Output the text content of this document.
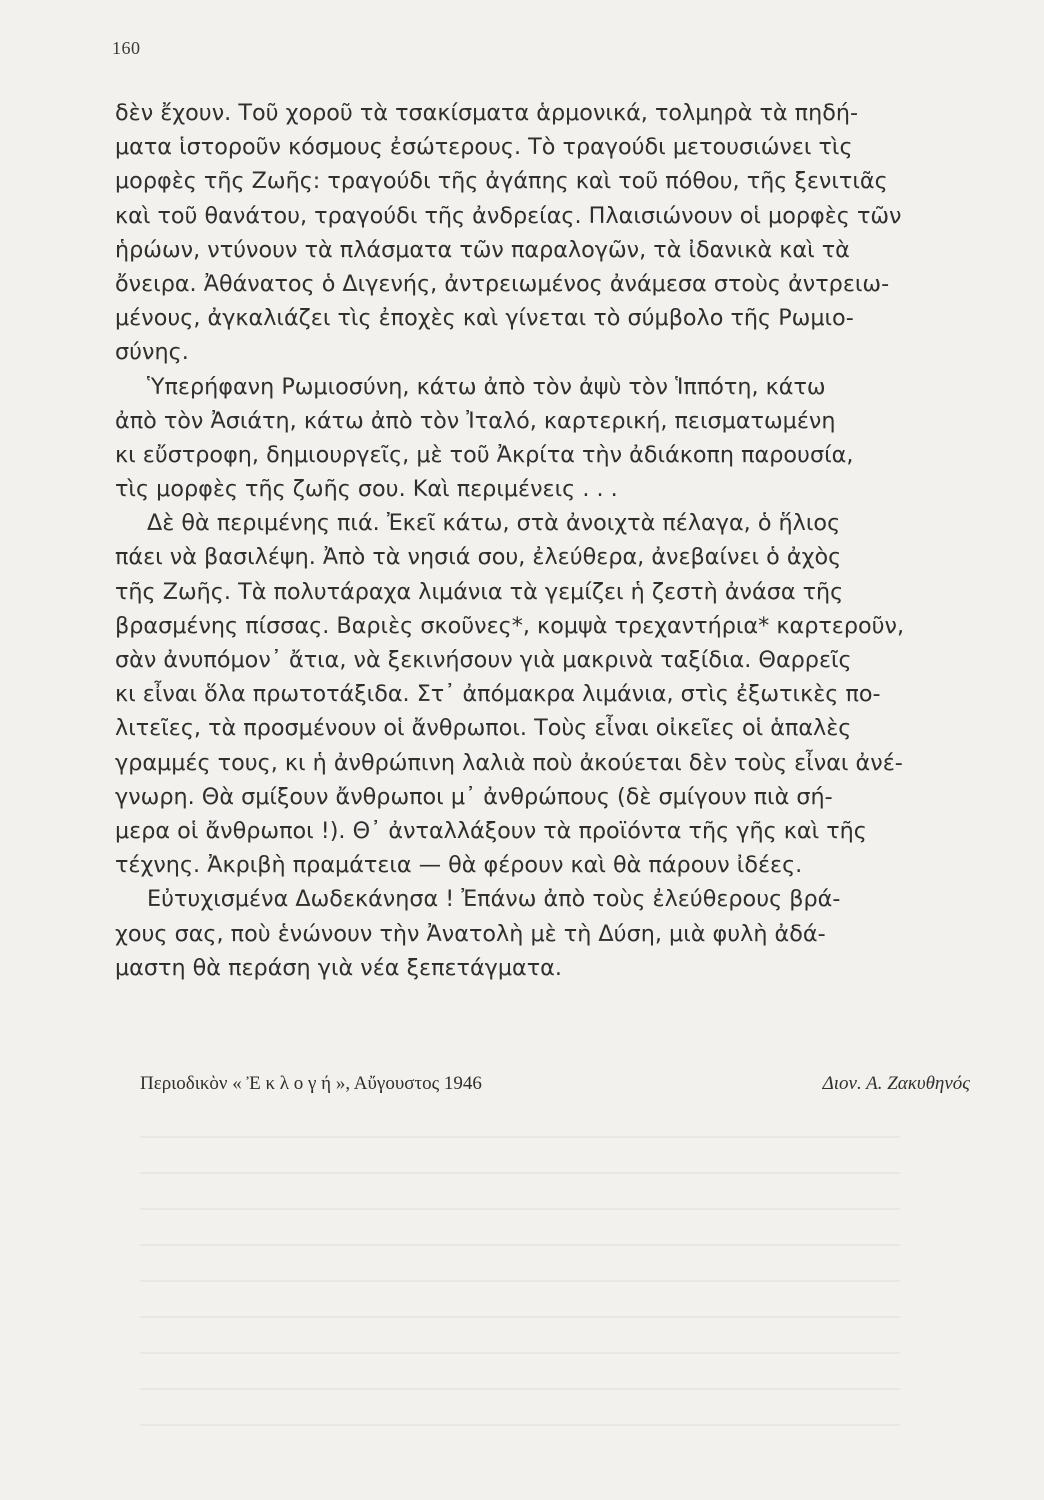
160
δὲν ἔχουν. Τοῦ χοροῦ τὰ τσακίσματα ἁρμονικά, τολμηρὰ τὰ πηδή-
ματα ἱστοροῦν κόσμους ἐσώτερους. Τὸ τραγούδι μετουσιώνει τὶς
μορφὲς τῆς Ζωῆς: τραγούδι τῆς ἀγάπης καὶ τοῦ πόθου, τῆς ξενιτιᾶς
καὶ τοῦ θανάτου, τραγούδι τῆς ἀνδρείας. Πλαισιώνουν οἱ μορφὲς τῶν
ἡρώων, ντύνουν τὰ πλάσματα τῶν παραλογῶν, τὰ ἰδανικὰ καὶ τὰ
ὄνειρα. Ἀθάνατος ὁ Διγενής, ἀντρειωμένος ἀνάμεσα στοὺς ἀντρειω-
μένους, ἀγκαλιάζει τὶς ἐποχὲς καὶ γίνεται τὸ σύμβολο τῆς Ρωμιο-
σύνης.
Ὑπερήφανη Ρωμιοσύνη, κάτω ἀπὸ τὸν ἀψὺ τὸν Ἱππότη, κάτω
ἀπὸ τὸν Ἀσιάτη, κάτω ἀπὸ τὸν Ἰταλό, καρτερική, πεισματωμένη
κι εὔστροφη, δημιουργεῖς, μὲ τοῦ Ἀκρίτα τὴν ἀδιάκοπη παρουσία,
τὶς μορφὲς τῆς ζωῆς σου. Καὶ περιμένεις . . .
Δὲ θὰ περιμένης πιά. Ἐκεῖ κάτω, στὰ ἀνοιχτὰ πέλαγα, ὁ ἥλιος
πάει νὰ βασιλέψη. Ἀπὸ τὰ νησιά σου, ἐλεύθερα, ἀνεβαίνει ὁ ἀχὸς
τῆς Ζωῆς. Τὰ πολυτάραχα λιμάνια τὰ γεμίζει ἡ ζεστὴ ἀνάσα τῆς
βρασμένης πίσσας. Βαριὲς σκοῦνες*, κομψὰ τρεχαντήρια* καρτεροῦν,
σὰν ἀνυπόμον᾽ ἄτια, νὰ ξεκινήσουν γιὰ μακρινὰ ταξίδια. Θαρρεῖς
κι εἶναι ὅλα πρωτοτάξιδα. Στ᾽ ἀπόμακρα λιμάνια, στὶς ἐξωτικὲς πο-
λιτεῖες, τὰ προσμένουν οἱ ἄνθρωποι. Τοὺς εἶναι οἰκεῖες οἱ ἁπαλὲς
γραμμές τους, κι ἡ ἀνθρώπινη λαλιὰ ποὺ ἀκούεται δὲν τοὺς εἶναι ἀνέ-
γνωρη. Θὰ σμίξουν ἄνθρωποι μ᾽ ἀνθρώπους (δὲ σμίγουν πιὰ σή-
μερα οἱ ἄνθρωποι !). Θ᾽ ἀνταλλάξουν τὰ προϊόντα τῆς γῆς καὶ τῆς
τέχνης. Ἀκριβὴ πραμάτεια — θὰ φέρουν καὶ θὰ πάρουν ἰδέες.
Εὐτυχισμένα Δωδεκάνησα ! Ἐπάνω ἀπὸ τοὺς ἐλεύθερους βρά-
χους σας, ποὺ ἑνώνουν τὴν Ἀνατολὴ μὲ τὴ Δύση, μιὰ φυλὴ ἀδά-
μαστη θὰ περάση γιὰ νέα ξεπετάγματα.
Περιοδικὸν « Ἐ κ λ ο γ ή », Αὔγουστος 1946	Διον. Α. Ζακυθηνός
